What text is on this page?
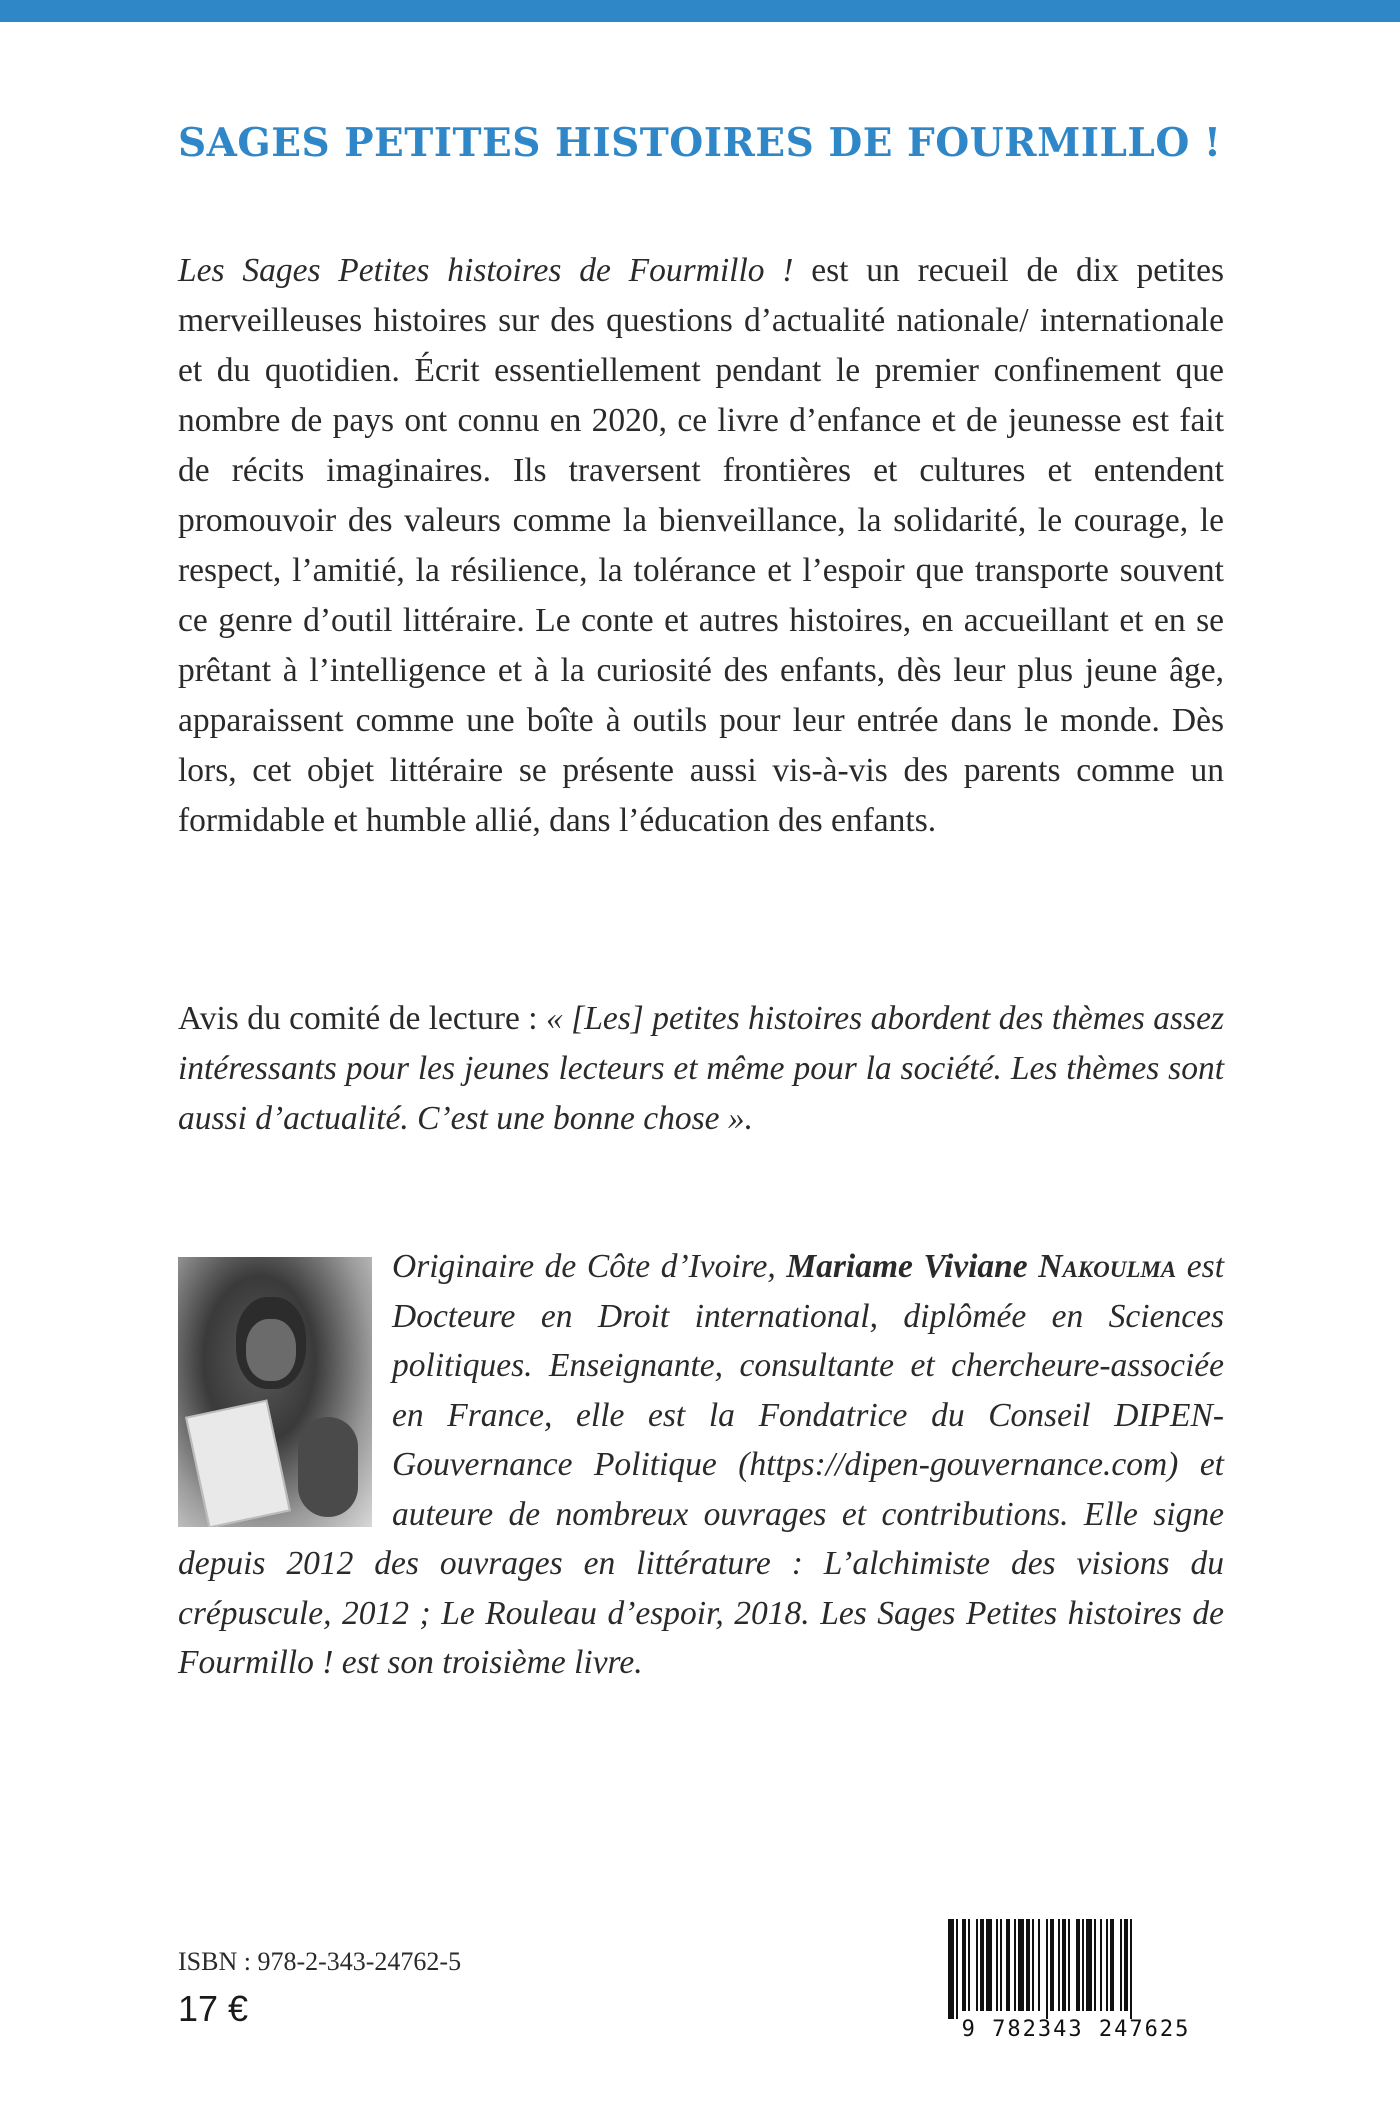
SAGES PETITES HISTOIRES DE FOURMILLO !

Les Sages Petites histoires de Fourmillo ! est un recueil de dix petites merveilleuses histoires sur des questions d’actualité nationale/ internationale et du quotidien. Écrit essentiellement pendant le premier confinement que nombre de pays ont connu en 2020, ce livre d’enfance et de jeunesse est fait de récits imaginaires. Ils traversent frontières et cultures et entendent promouvoir des valeurs comme la bienveillance, la solidarité, le courage, le respect, l’amitié, la résilience, la tolérance et l’espoir que transporte souvent ce genre d’outil littéraire. Le conte et autres histoires, en accueillant et en se prêtant à l’intelligence et à la curiosité des enfants, dès leur plus jeune âge, apparaissent comme une boîte à outils pour leur entrée dans le monde. Dès lors, cet objet littéraire se présente aussi vis-à-vis des parents comme un formidable et humble allié, dans l’éducation des enfants.

Avis du comité de lecture : « [Les] petites histoires abordent des thèmes assez intéressants pour les jeunes lecteurs et même pour la société. Les thèmes sont aussi d’actualité. C’est une bonne chose ».

Originaire de Côte d’Ivoire, Mariame Viviane Nakoulma est Docteure en Droit international, diplômée en Sciences politiques. Enseignante, consultante et chercheure-associée en France, elle est la Fondatrice du Conseil DIPEN-Gouvernance Politique (https://dipen-gouvernance.com) et auteure de nombreux ouvrages et contributions. Elle signe depuis 2012 des ouvrages en littérature : L’alchimiste des visions du crépuscule, 2012 ; Le Rouleau d’espoir, 2018. Les Sages Petites histoires de Fourmillo ! est son troisième livre.

ISBN : 978-2-343-24762-5
17 €
9 782343 247625
